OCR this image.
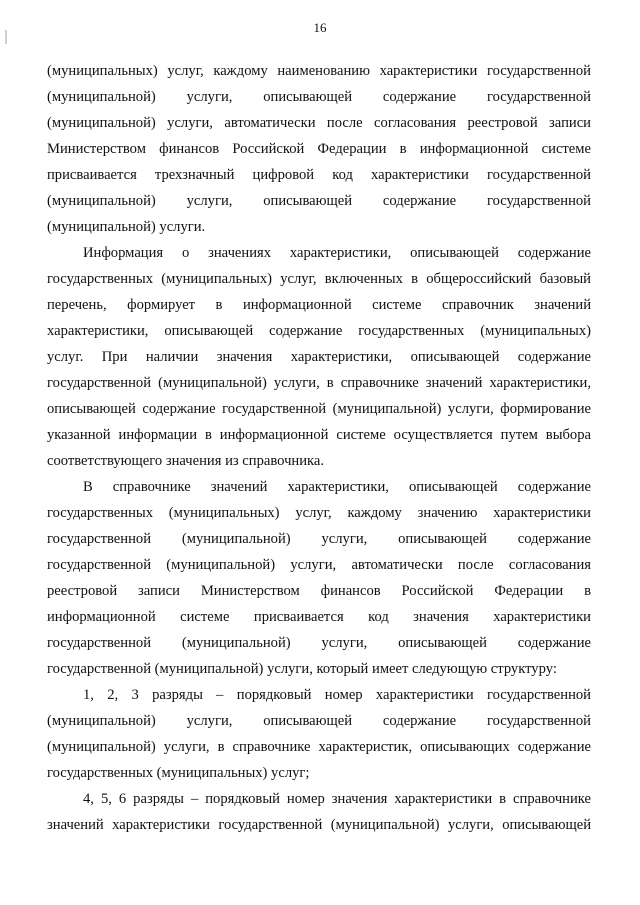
16
(муниципальных) услуг, каждому наименованию характеристики государственной
(муниципальной) услуги, описывающей содержание государственной
(муниципальной) услуги, автоматически после согласования реестровой записи
Министерством финансов Российской Федерации в информационной системе
присваивается трехзначный цифровой код характеристики государственной
(муниципальной) услуги, описывающей содержание государственной
(муниципальной) услуги.
Информация о значениях характеристики, описывающей содержание
государственных (муниципальных) услуг, включенных в общероссийский базовый
перечень, формирует в информационной системе справочник значений
характеристики, описывающей содержание государственных (муниципальных)
услуг. При наличии значения характеристики, описывающей содержание
государственной (муниципальной) услуги, в справочнике значений характеристики,
описывающей содержание государственной (муниципальной) услуги, формирование
указанной информации в информационной системе осуществляется путем выбора
соответствующего значения из справочника.
В справочнике значений характеристики, описывающей содержание
государственных (муниципальных) услуг, каждому значению характеристики
государственной (муниципальной) услуги, описывающей содержание
государственной (муниципальной) услуги, автоматически после согласования
реестровой записи Министерством финансов Российской Федерации в
информационной системе присваивается код значения характеристики
государственной (муниципальной) услуги, описывающей содержание
государственной (муниципальной) услуги, который имеет следующую структуру:
1, 2, 3 разряды – порядковый номер характеристики государственной
(муниципальной) услуги, описывающей содержание государственной
(муниципальной) услуги, в справочнике характеристик, описывающих содержание
государственных (муниципальных) услуг;
4, 5, 6 разряды – порядковый номер значения характеристики в справочнике
значений характеристики государственной (муниципальной) услуги, описывающей
